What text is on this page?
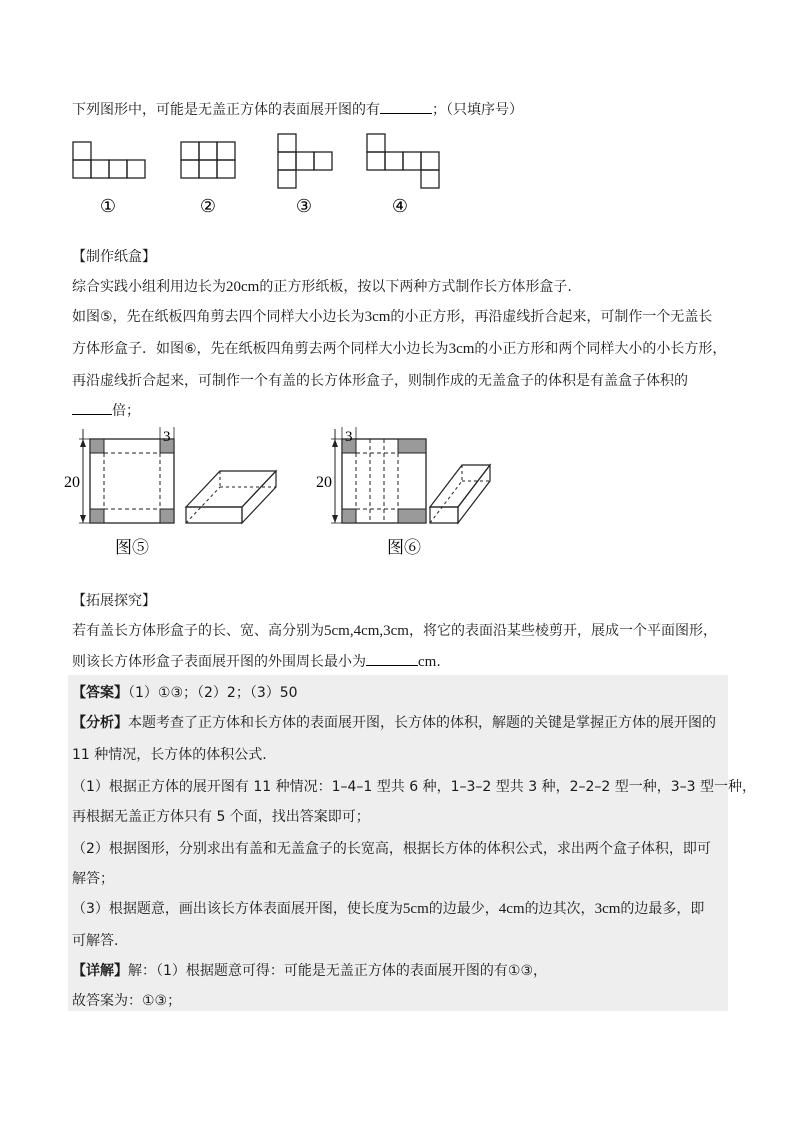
下列图形中，可能是无盖正方体的表面展开图的有	；（只填序号）
①	②	③	④
【制作纸盒】
综合实践小组利用边长为20cm的正方形纸板，按以下两种方式制作长方体形盒子.
如图⑤，先在纸板四角剪去四个同样大小边长为3cm的小正方形，再沿虚线折合起来，可制作一个无盖长
方体形盒子．如图⑥，先在纸板四角剪去两个同样大小边长为3cm的小正方形和两个同样大小的小长方形，
再沿虚线折合起来，可制作一个有盖的长方体形盒子，则制作成的无盖盒子的体积是有盖盒子体积的
倍；
20
3
图⑤
20
3
图⑥
【拓展探究】
若有盖长方体形盒子的长、宽、高分别为5cm,4cm,3cm，将它的表面沿某些棱剪开，展成一个平面图形，
则该长方体形盒子表面展开图的外围周长最小为	cm.
【答案】（1）①③；（2）2；（3）50
【分析】本题考查了正方体和长方体的表面展开图，长方体的体积，解题的关键是掌握正方体的展开图的
11 种情况，长方体的体积公式.
（1）根据正方体的展开图有 11 种情况：1–4–1 型共 6 种，1–3–2 型共 3 种，2–2–2 型一种，3–3 型一种，
再根据无盖正方体只有 5 个面，找出答案即可；
（2）根据图形，分别求出有盖和无盖盒子的长宽高，根据长方体的体积公式，求出两个盒子体积，即可
解答；
（3）根据题意，画出该长方体表面展开图，使长度为5cm的边最少，4cm的边其次，3cm的边最多，即
可解答.
【详解】解：（1）根据题意可得：可能是无盖正方体的表面展开图的有①③，
故答案为：①③；
